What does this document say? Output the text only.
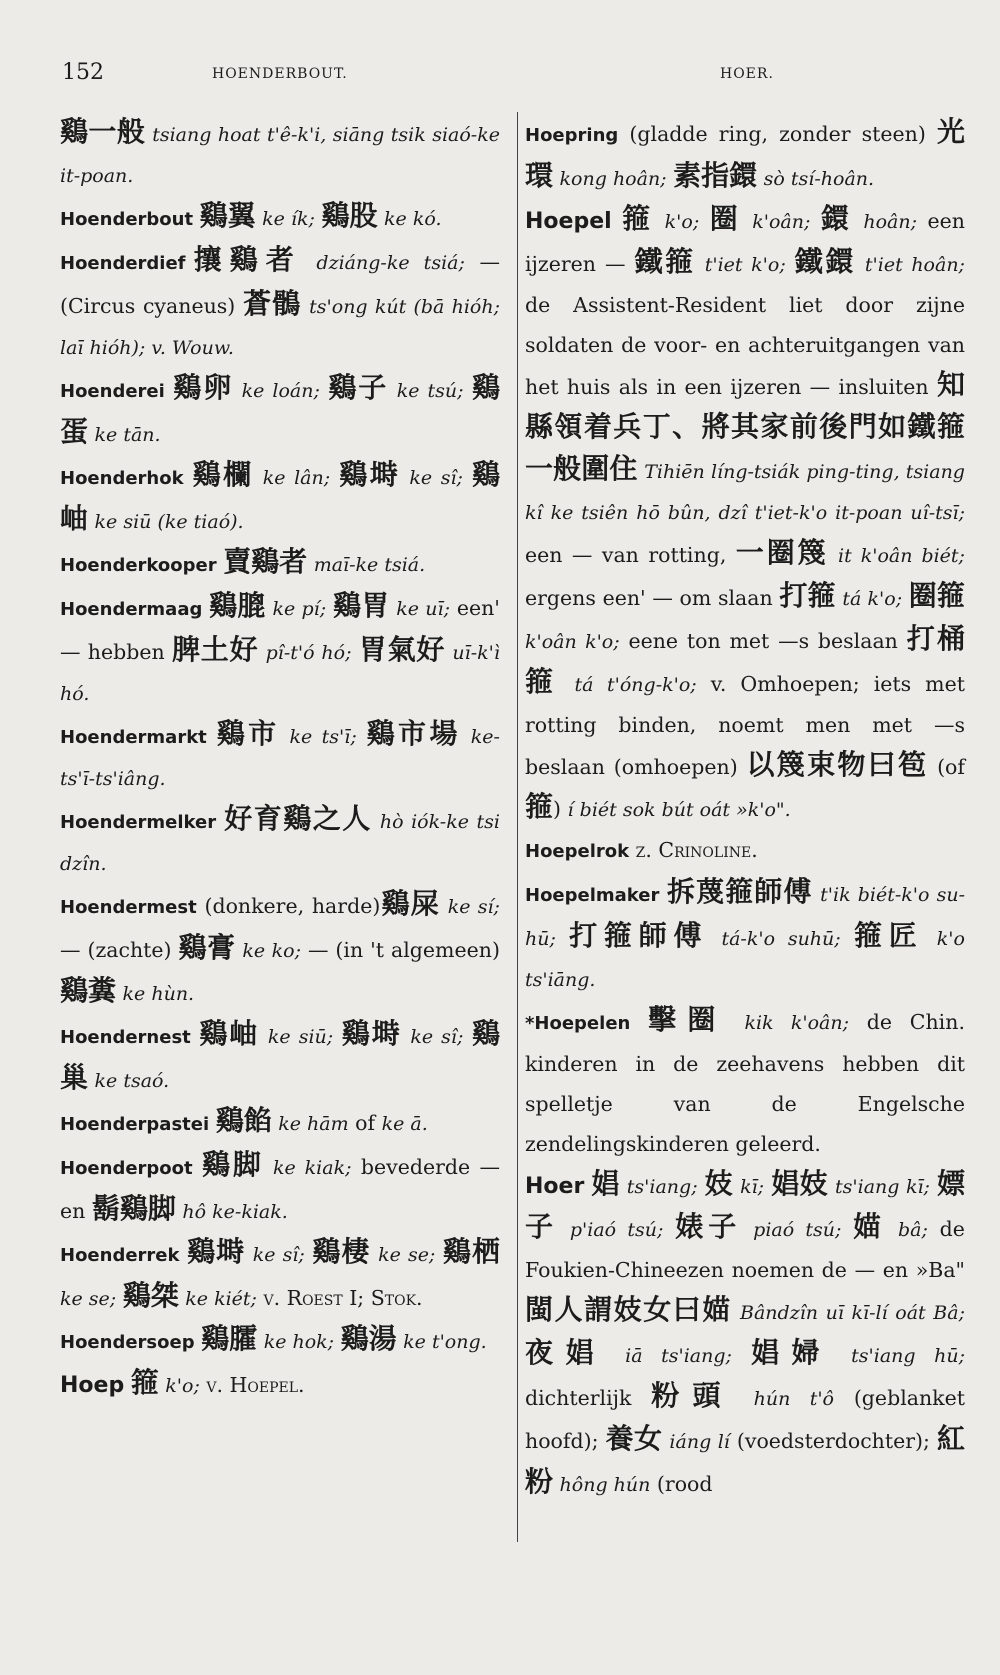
152	HOENDERBOUT.	HOER.

鷄一般 tsiang hoat t'ê-k'i, siāng tsik siaó-ke it-poan.

Hoenderbout 鷄翼 ke ík; 鷄股 ke kó.

Hoenderdief攘鷄者 dziáng-ke tsiá; — (Circus cyaneus) 蒼鶻 ts'ong kút (bā hióh; laī hióh); v. Wouw.

Hoenderei 鷄卵 ke loán; 鷄子 ke tsú; 鷄蛋 ke tān.

Hoenderhok 鷄欄 ke lân; 鷄塒 ke sî; 鷄岫 ke siū (ke tiaó).

Hoenderkooper 賣鷄者 maī-ke tsiá.

Hoendermaag 鷄膍 ke pí; 鷄胃 ke uī; een' — hebben 脾土好 pî-t'ó hó; 胃氣好 uī-k'ì hó.

Hoendermarkt 鷄市 ke ts'ī; 鷄市場 ke-ts'ī-ts'iâng.

Hoendermelker 好育鷄之人 hò iók-ke tsi dzîn.

Hoendermest (donkere, harde)鷄屎 ke sí; — (zachte) 鷄膏 ke ko; — (in 't algemeen) 鷄糞 ke hùn.

Hoendernest 鷄岫 ke siū; 鷄塒 ke sî; 鷄巢 ke tsaó.

Hoenderpastei 鷄餡 ke hām of ke ā.

Hoenderpoot 鷄脚 ke kiak; bevederde —en 鬍鷄脚 hô ke-kiak.

Hoenderrek 鷄塒 ke sî; 鷄棲 ke se; 鷄栖 ke se; 鷄桀 ke kiét; v. Roest I; Stok.

Hoendersoep 鷄臛 ke hok; 鷄湯 ke t'ong.

Hoep 箍 k'o; v. Hoepel.

Hoepring (gladde ring, zonder steen) 光環 kong hoân; 素指鐶 sò tsí-hoân.

Hoepel 箍 k'o; 圈 k'oân; 鐶 hoân; een ijzeren — 鐵箍 t'iet k'o; 鐵鐶 t'iet hoân; de Assistent-Resident liet door zijne soldaten de voor- en achteruitgangen van het huis als in een ijzeren — insluiten 知縣領着兵丁、將其家前後門如鐵箍一般圍住 Tihiēn líng-tsiák ping-ting, tsiang kî ke tsiên hō bûn, dzî t'iet-k'o it-poan uî-tsī; een — van rotting, 一圈篾 it k'oân biét; ergens een' — om slaan 打箍 tá k'o; 圈箍 k'oân k'o; eene ton met —s beslaan 打桶箍 tá t'óng-k'o; v. Omhoepen; iets met rotting binden, noemt men met —s beslaan (omhoepen) 以篾束物曰笣 (of箍) í biét sok bút oát »k'o".

Hoepelrok z. Crinoline.

Hoepelmaker 拆蔑箍師傅 t'ik biét-k'o su-hū; 打箍師傅 tá-k'o suhū; 箍匠 k'o ts'iāng.

*Hoepelen 擊圈 kik k'oân; de Chin. kinderen in de zeehavens hebben dit spelletje van de Engelsche zendelingskinderen geleerd.

Hoer 娼 ts'iang; 妓 kī; 娼妓 ts'iang kī; 嫖子 p'iaó tsú; 婊子 piaó tsú; 媌 bâ; de Foukien-Chineezen noemen de — en »Ba" 閩人謂妓女曰媌 Bândzîn uī kī-lí oát Bâ; 夜娼 iā ts'iang; 娼婦 ts'iang hū; dichterlijk 粉頭 hún t'ô (geblanket hoofd); 養女 iáng lí (voedsterdochter); 紅粉 hông hún (rood
